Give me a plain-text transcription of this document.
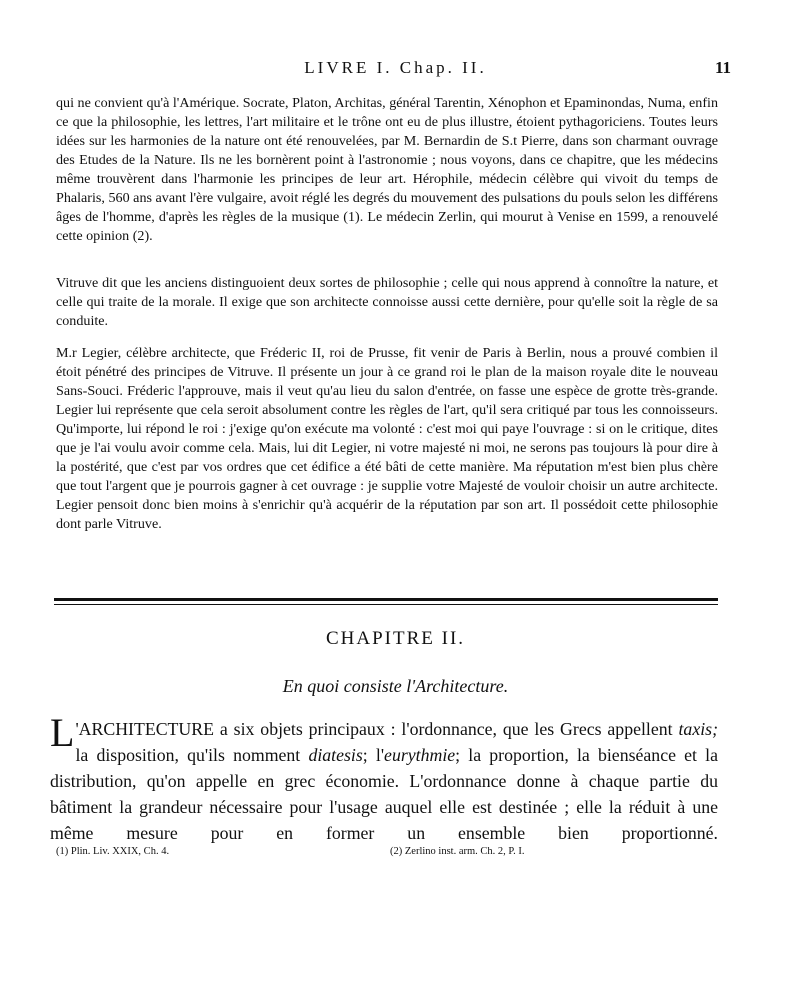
LIVRE I. Chap. II.	11

qui ne convient qu'à l'Amérique. Socrate, Platon, Architas, général Tarentin, Xénophon et Epaminondas, Numa, enfin ce que la philosophie, les lettres, l'art militaire et le trône ont eu de plus illustre, étoient pythagoriciens. Toutes leurs idées sur les harmonies de la nature ont été renouvelées, par M. Bernardin de S.t Pierre, dans son charmant ouvrage des Etudes de la Nature. Ils ne les bornèrent point à l'astronomie ; nous voyons, dans ce chapitre, que les médecins même trouvèrent dans l'harmonie les principes de leur art. Hérophile, médecin célèbre qui vivoit du temps de Phalaris, 560 ans avant l'ère vulgaire, avoit réglé les degrés du mouvement des pulsations du pouls selon les différens âges de l'homme, d'après les règles de la musique (1). Le médecin Zerlin, qui mourut à Venise en 1599, a renouvelé cette opinion (2).

Vitruve dit que les anciens distinguoient deux sortes de philosophie ; celle qui nous apprend à connoître la nature, et celle qui traite de la morale. Il exige que son architecte connoisse aussi cette dernière, pour qu'elle soit la règle de sa conduite.

M.r Legier, célèbre architecte, que Fréderic II, roi de Prusse, fit venir de Paris à Berlin, nous a prouvé combien il étoit pénétré des principes de Vitruve. Il présente un jour à ce grand roi le plan de la maison royale dite le nouveau Sans-Souci. Fréderic l'approuve, mais il veut qu'au lieu du salon d'entrée, on fasse une espèce de grotte très-grande. Legier lui représente que cela seroit absolument contre les règles de l'art, qu'il sera critiqué par tous les connoisseurs. Qu'importe, lui répond le roi : j'exige qu'on exécute ma volonté : c'est moi qui paye l'ouvrage : si on le critique, dites que je l'ai voulu avoir comme cela. Mais, lui dit Legier, ni votre majesté ni moi, ne serons pas toujours là pour dire à la postérité, que c'est par vos ordres que cet édifice a été bâti de cette manière. Ma réputation m'est bien plus chère que tout l'argent que je pourrois gagner à cet ouvrage : je supplie votre Majesté de vouloir choisir un autre architecte. Legier pensoit donc bien moins à s'enrichir qu'à acquérir de la réputation par son art. Il possédoit cette philosophie dont parle Vitruve.

CHAPITRE II.
En quoi consiste l'Architecture.

L 'ARCHITECTURE a six objets principaux : l'ordonnance, que les Grecs appellent taxis; la disposition, qu'ils nomment diatesis; l'eurythmie; la proportion, la bienséance et la distribution, qu'on appelle en grec économie. L'ordonnance donne à chaque partie du bâtiment la grandeur nécessaire pour l'usage auquel elle est destinée ; elle la réduit à une même mesure pour en former un ensemble bien proportionné.

(1) Plin. Liv. XXIX, Ch. 4.	(2) Zerlino inst. arm. Ch. 2, P. I.
